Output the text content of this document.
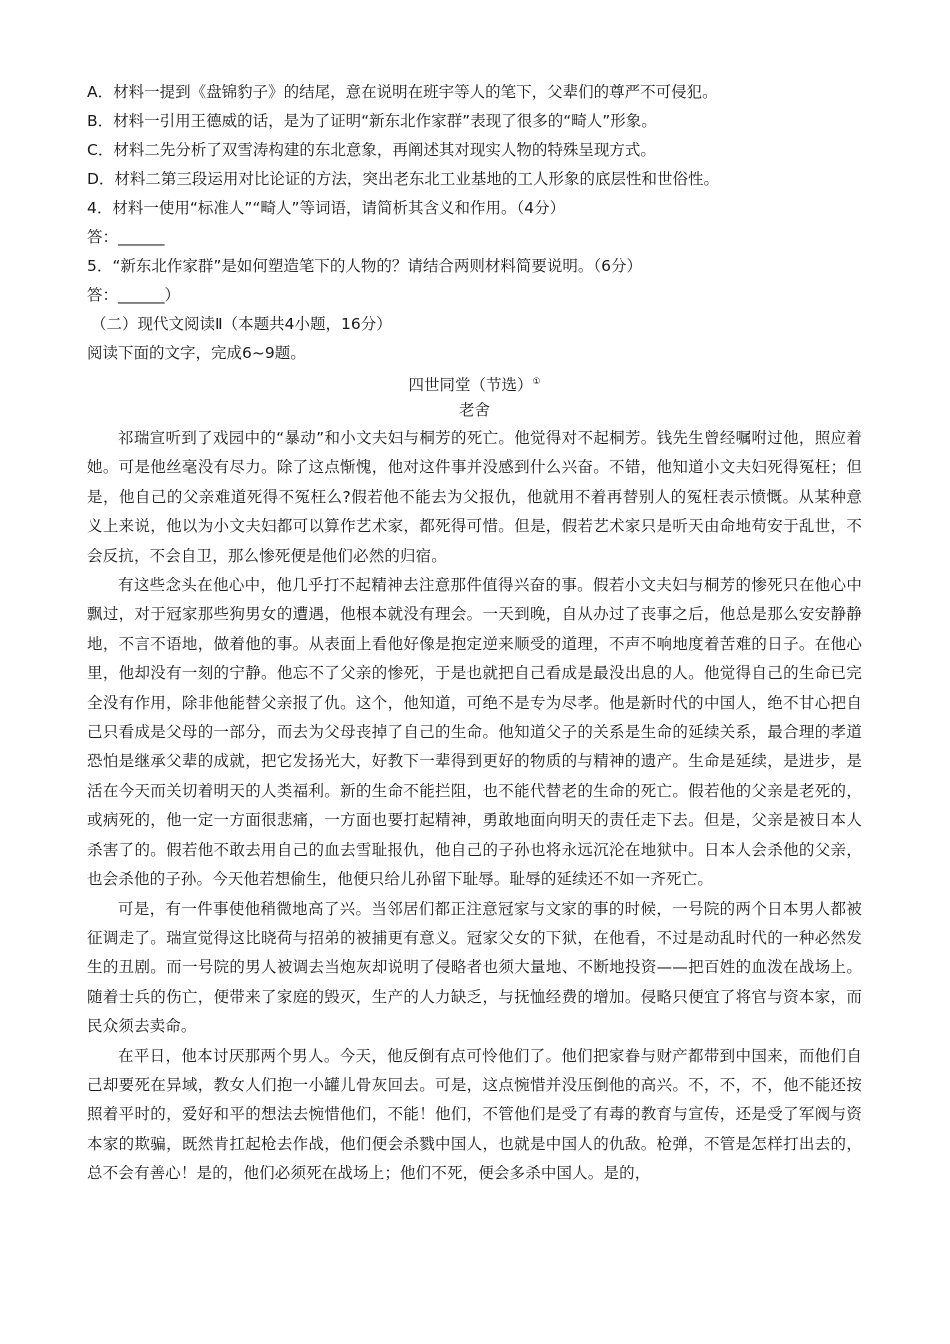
A．材料一提到《盘锦豹子》的结尾，意在说明在班宇等人的笔下，父辈们的尊严不可侵犯。
B．材料一引用王德威的话，是为了证明“新东北作家群”表现了很多的“畸人”形象。
C．材料二先分析了双雪涛构建的东北意象，再阐述其对现实人物的特殊呈现方式。
D．材料二第三段运用对比论证的方法，突出老东北工业基地的工人形象的底层性和世俗性。
4．材料一使用“标准人”“畸人”等词语，请简析其含义和作用。（4分）
答：______
5．“新东北作家群”是如何塑造笔下的人物的？请结合两则材料简要说明。（6分）
答：______）
（二）现代文阅读Ⅱ（本题共4小题，16分）
阅读下面的文字，完成6~9题。
四世同堂（节选）①
老舍

祁瑞宣听到了戏园中的“暴动”和小文夫妇与桐芳的死亡。他觉得对不起桐芳。钱先生曾经嘱咐过他，照应着她。可是他丝毫没有尽力。除了这点惭愧，他对这件事并没感到什么兴奋。不错，他知道小文夫妇死得冤枉；但是，他自己的父亲难道死得不冤枉么?假若他不能去为父报仇，他就用不着再替别人的冤枉表示愤慨。从某种意义上来说，他以为小文夫妇都可以算作艺术家，都死得可惜。但是，假若艺术家只是听天由命地苟安于乱世，不会反抗，不会自卫，那么惨死便是他们必然的归宿。

有这些念头在他心中，他几乎打不起精神去注意那件值得兴奋的事。假若小文夫妇与桐芳的惨死只在他心中飘过，对于冠家那些狗男女的遭遇，他根本就没有理会。一天到晚，自从办过了丧事之后，他总是那么安安静静地，不言不语地，做着他的事。从表面上看他好像是抱定逆来顺受的道理，不声不响地度着苦难的日子。在他心里，他却没有一刻的宁静。他忘不了父亲的惨死，于是也就把自己看成是最没出息的人。他觉得自己的生命已完全没有作用，除非他能替父亲报了仇。这个，他知道，可绝不是专为尽孝。他是新时代的中国人，绝不甘心把自己只看成是父母的一部分，而去为父母丧掉了自己的生命。他知道父子的关系是生命的延续关系，最合理的孝道恐怕是继承父辈的成就，把它发扬光大，好教下一辈得到更好的物质的与精神的遗产。生命是延续，是进步，是活在今天而关切着明天的人类福利。新的生命不能拦阻，也不能代替老的生命的死亡。假若他的父亲是老死的，或病死的，他一定一方面很悲痛，一方面也要打起精神，勇敢地面向明天的责任走下去。但是，父亲是被日本人杀害了的。假若他不敢去用自己的血去雪耻报仇，他自己的子孙也将永远沉沦在地狱中。日本人会杀他的父亲，也会杀他的子孙。今天他若想偷生，他便只给儿孙留下耻辱。耻辱的延续还不如一齐死亡。

可是，有一件事使他稍微地高了兴。当邻居们都正注意冠家与文家的事的时候，一号院的两个日本男人都被征调走了。瑞宣觉得这比晓荷与招弟的被捕更有意义。冠家父女的下狱，在他看，不过是动乱时代的一种必然发生的丑剧。而一号院的男人被调去当炮灰却说明了侵略者也须大量地、不断地投资——把百姓的血泼在战场上。随着士兵的伤亡，便带来了家庭的毁灭，生产的人力缺乏，与抚恤经费的增加。侵略只便宜了将官与资本家，而民众须去卖命。

在平日，他本讨厌那两个男人。今天，他反倒有点可怜他们了。他们把家眷与财产都带到中国来，而他们自己却要死在异域，教女人们抱一小罐儿骨灰回去。可是，这点惋惜并没压倒他的高兴。不，不，不，他不能还按照着平时的，爱好和平的想法去惋惜他们，不能！他们，不管他们是受了有毒的教育与宣传，还是受了军阀与资本家的欺骗，既然肯扛起枪去作战，他们便会杀戮中国人，也就是中国人的仇敌。枪弹，不管是怎样打出去的，总不会有善心！是的，他们必须死在战场上；他们不死，便会多杀中国人。是的，
